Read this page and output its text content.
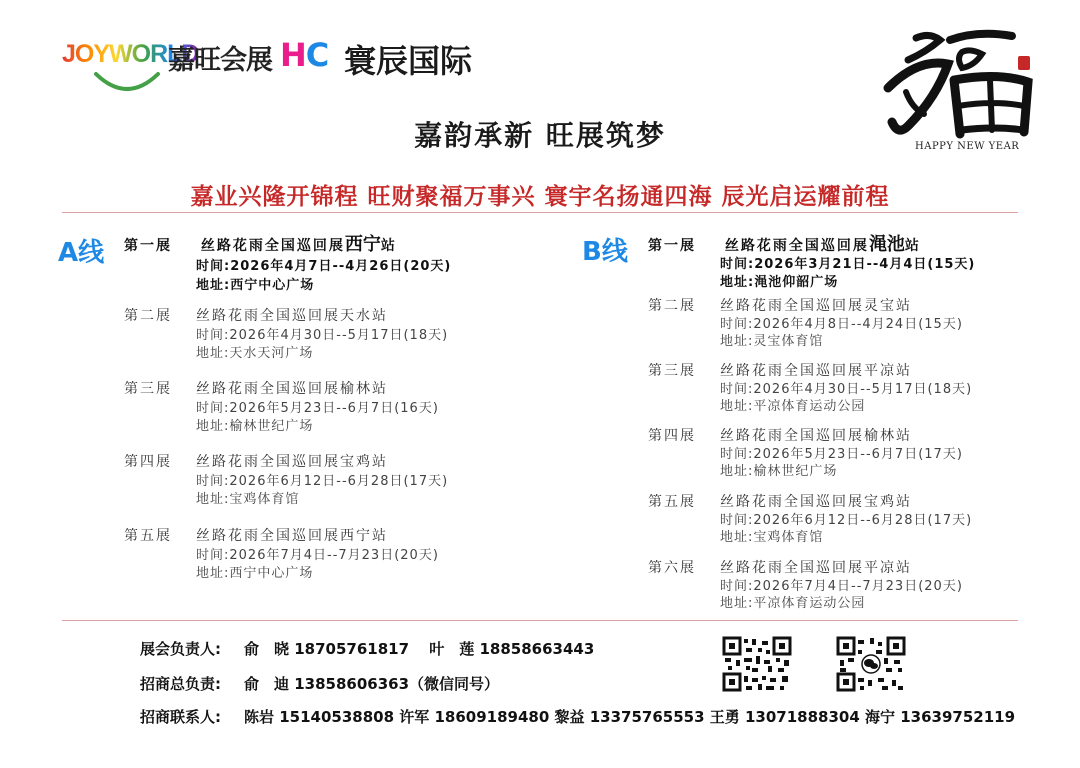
JOYWORLD
嘉旺会展 HC 寰辰国际
HAPPY NEW YEAR
嘉韵承新 旺展筑梦
嘉业兴隆开锦程 旺财聚福万事兴 寰宇名扬通四海 辰光启运耀前程
A线 第一展 丝路花雨全国巡回展西宁站
时间:2026年4月7日--4月26日(20天)
地址:西宁中心广场
第二展 丝路花雨全国巡回展天水站
时间:2026年4月30日--5月17日(18天)
地址:天水天河广场
第三展 丝路花雨全国巡回展榆林站
时间:2026年5月23日--6月7日(16天)
地址:榆林世纪广场
第四展 丝路花雨全国巡回展宝鸡站
时间:2026年6月12日--6月28日(17天)
地址:宝鸡体育馆
第五展 丝路花雨全国巡回展西宁站
时间:2026年7月4日--7月23日(20天)
地址:西宁中心广场
B线 第一展 丝路花雨全国巡回展渑池站
时间:2026年3月21日--4月4日(15天)
地址:渑池仰韶广场
第二展 丝路花雨全国巡回展灵宝站
时间:2026年4月8日--4月24日(15天)
地址:灵宝体育馆
第三展 丝路花雨全国巡回展平凉站
时间:2026年4月30日--5月17日(18天)
地址:平凉体育运动公园
第四展 丝路花雨全国巡回展榆林站
时间:2026年5月23日--6月7日(17天)
地址:榆林世纪广场
第五展 丝路花雨全国巡回展宝鸡站
时间:2026年6月12日--6月28日(17天)
地址:宝鸡体育馆
第六展 丝路花雨全国巡回展平凉站
时间:2026年7月4日--7月23日(20天)
地址:平凉体育运动公园
展会负责人: 俞　晓 18705761817　 叶　莲 18858663443
招商总负责: 俞　迪 13858606363（微信同号）
招商联系人: 陈岩 15140538808 许军 18609189480 黎益 13375765553 王勇 13071888304 海宁 13639752119
